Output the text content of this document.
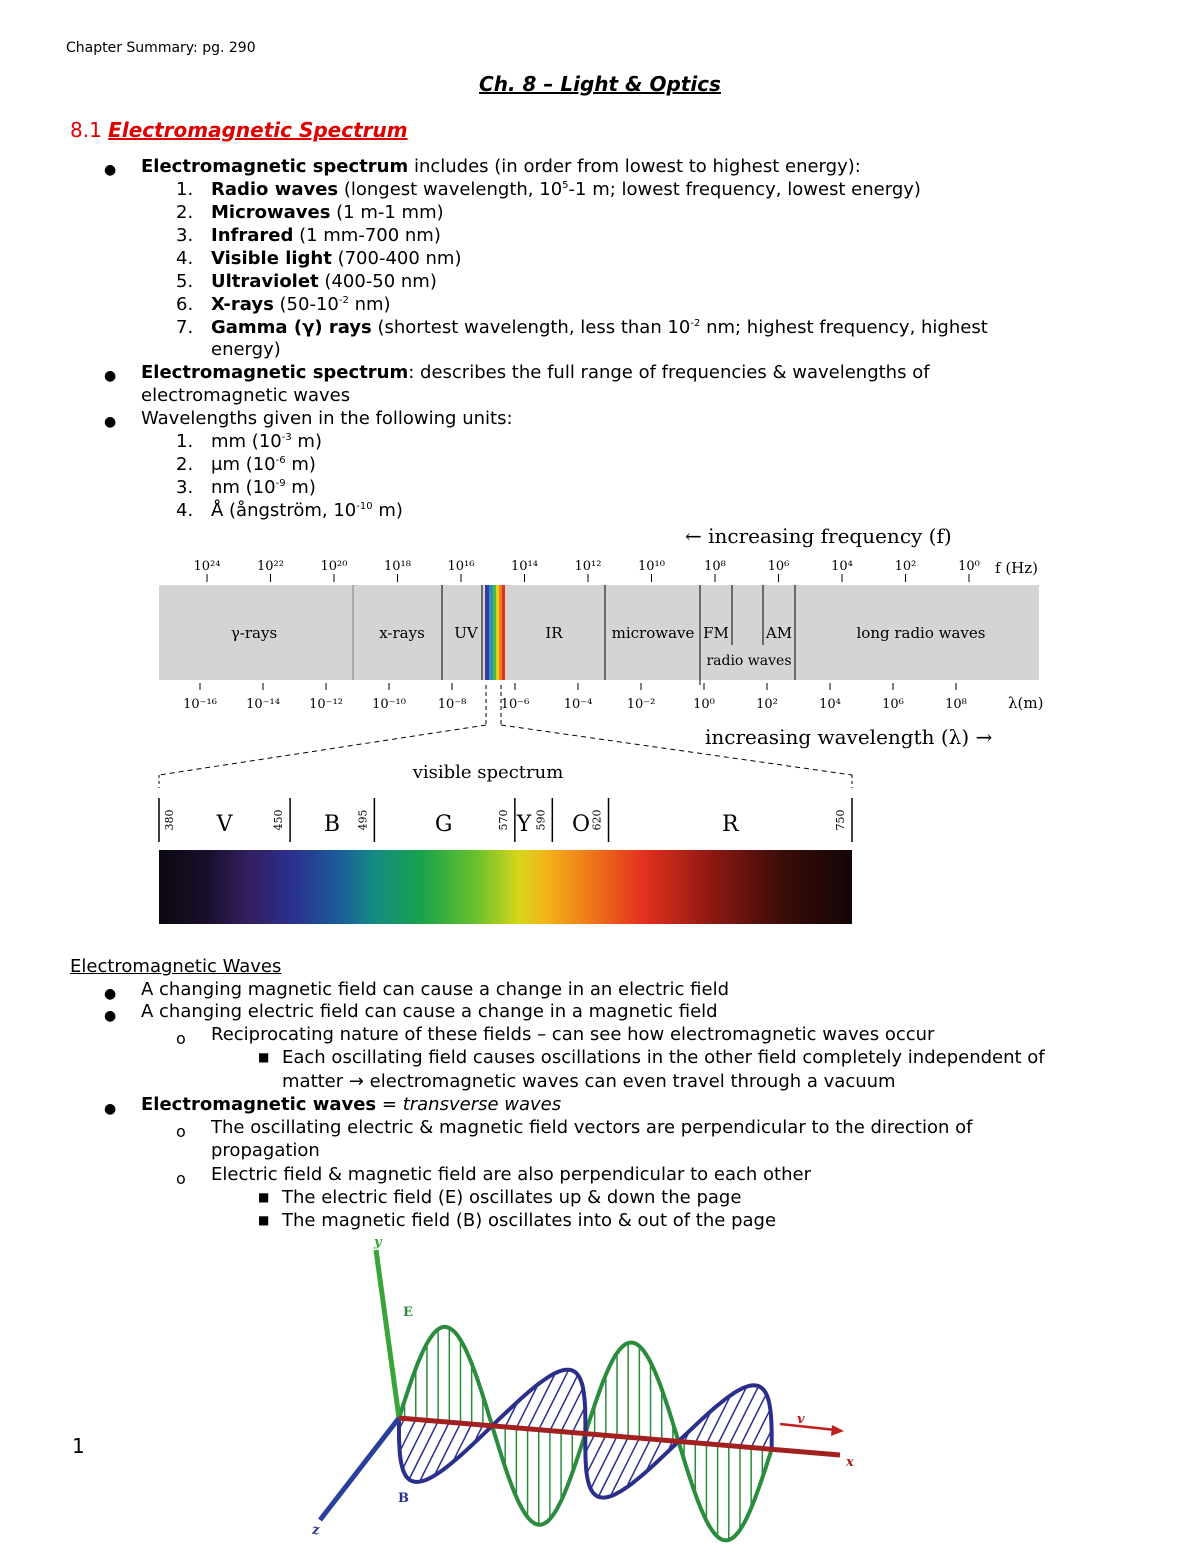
Chapter Summary: pg. 290
Ch. 8 – Light & Optics
8.1 Electromagnetic Spectrum
● Electromagnetic spectrum includes (in order from lowest to highest energy):
1. Radio waves (longest wavelength, $10^5-1$ m; lowest frequency, lowest energy)
2. Microwaves (1 m-1 mm)
3. Infrared (1 mm-700 nm)
4. Visible light (700-400 nm)
5. Ultraviolet (400-50 nm)
6. X-rays ($50-10^{-2}$ nm)
7. Gamma (γ) rays (shortest wavelength, less than $10^{-2}$ nm; highest frequency, highest
energy)
● Electromagnetic spectrum: describes the full range of frequencies & wavelengths of
electromagnetic waves
● Wavelengths given in the following units:
1. mm ($10^{-3}$ m)
2. μm ($10^{-6}$ m)
3. nm ($10^{-9}$ m)
4. Å (ångström, $10^{-10}$ m)
← increasing frequency (f)
increasing wavelength (λ) →
f (Hz)
λ(m)
γ-rays	x-rays UV	IR	microwave FM AM
radio waves
long radio waves
10²⁴	10²²	10²⁰	10¹⁸	10¹⁶	10¹⁴	10¹²	10¹⁰	10⁸	10⁶	10⁴	10²	10⁰
10⁻¹⁶ 10⁻¹⁴ 10⁻¹² 10⁻¹⁰ 10⁻⁸	10⁻⁶	10⁻⁴	10⁻²	10⁰	10²	10⁴	10⁶	10⁸
visible spectrum
380	450	495	570 590	620	750
V	B	G	Y O	R
Electromagnetic Waves
● A changing magnetic field can cause a change in an electric field
● A changing electric field can cause a change in a magnetic field
o Reciprocating nature of these fields – can see how electromagnetic waves occur
■ Each oscillating field causes oscillations in the other field completely independent of
matter → electromagnetic waves can even travel through a vacuum
● Electromagnetic waves = transverse waves
o The oscillating electric & magnetic field vectors are perpendicular to the direction of
propagation
o Electric field & magnetic field are also perpendicular to each other
■ The electric field (E) oscillates up & down the page
■ The magnetic field (B) oscillates into & out of the page
y
x
z
E
B
v
1
